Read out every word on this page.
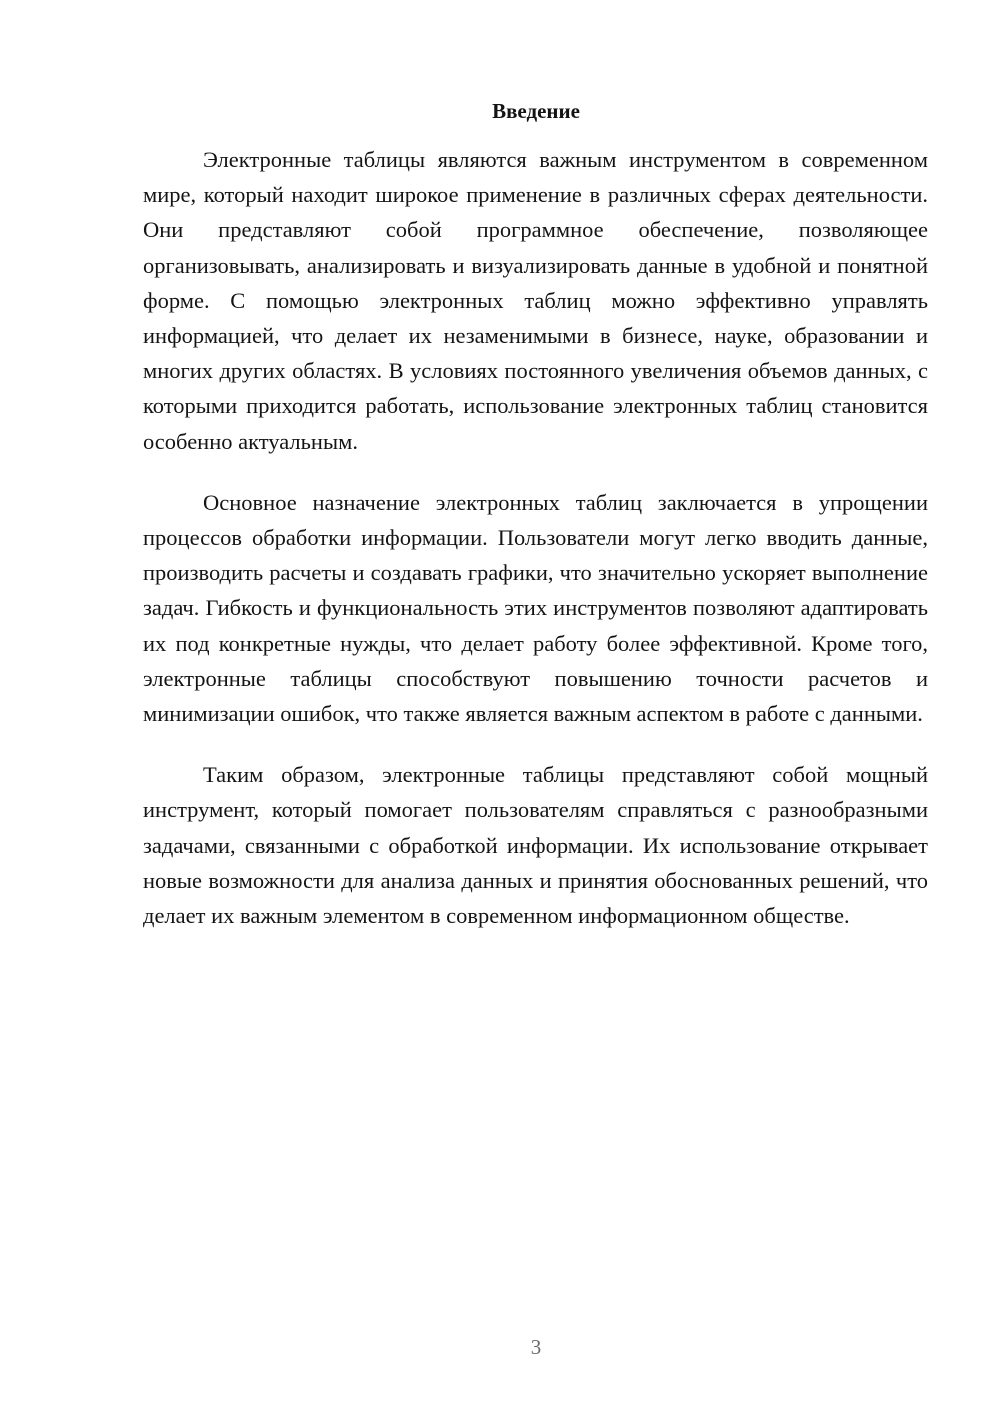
Введение

Электронные таблицы являются важным инструментом в современном мире, который находит широкое применение в различных сферах деятельности. Они представляют собой программное обеспечение, позволяющее организовывать, анализировать и визуализировать данные в удобной и понятной форме. С помощью электронных таблиц можно эффективно управлять информацией, что делает их незаменимыми в бизнесе, науке, образовании и многих других областях. В условиях постоянного увеличения объемов данных, с которыми приходится работать, использование электронных таблиц становится особенно актуальным.

Основное назначение электронных таблиц заключается в упрощении процессов обработки информации. Пользователи могут легко вводить данные, производить расчеты и создавать графики, что значительно ускоряет выполнение задач. Гибкость и функциональность этих инструментов позволяют адаптировать их под конкретные нужды, что делает работу более эффективной. Кроме того, электронные таблицы способствуют повышению точности расчетов и минимизации ошибок, что также является важным аспектом в работе с данными.

Таким образом, электронные таблицы представляют собой мощный инструмент, который помогает пользователям справляться с разнообразными задачами, связанными с обработкой информации. Их использование открывает новые возможности для анализа данных и принятия обоснованных решений, что делает их важным элементом в современном информационном обществе.

3
